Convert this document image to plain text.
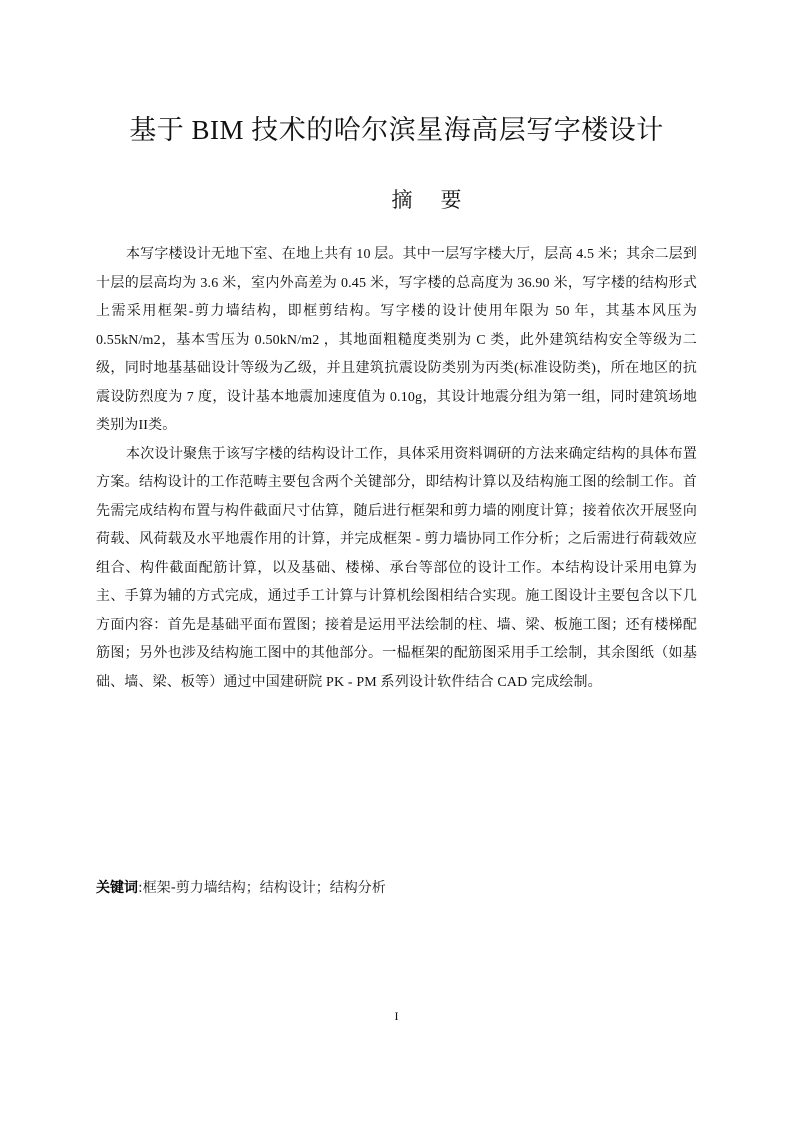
基于 BIM 技术的哈尔滨星海高层写字楼设计
摘 要

本写字楼设计无地下室、在地上共有 10 层。其中一层写字楼大厅，层高 4.5 米；其余二层到十层的层高均为 3.6 米，室内外高差为 0.45 米，写字楼的总高度为 36.90 米，写字楼的结构形式上需采用框架-剪力墙结构，即框剪结构。写字楼的设计使用年限为 50 年，其基本风压为 0.55kN/m2，基本雪压为 0.50kN/m2 ，其地面粗糙度类别为 C 类，此外建筑结构安全等级为二级，同时地基基础设计等级为乙级，并且建筑抗震设防类别为丙类(标准设防类)，所在地区的抗震设防烈度为 7 度，设计基本地震加速度值为 0.10g，其设计地震分组为第一组，同时建筑场地类别为II类。

本次设计聚焦于该写字楼的结构设计工作，具体采用资料调研的方法来确定结构的具体布置方案。结构设计的工作范畴主要包含两个关键部分，即结构计算以及结构施工图的绘制工作。首先需完成结构布置与构件截面尺寸估算，随后进行框架和剪力墙的刚度计算；接着依次开展竖向荷载、风荷载及水平地震作用的计算，并完成框架 - 剪力墙协同工作分析；之后需进行荷载效应组合、构件截面配筋计算，以及基础、楼梯、承台等部位的设计工作。本结构设计采用电算为主、手算为辅的方式完成，通过手工计算与计算机绘图相结合实现。施工图设计主要包含以下几方面内容：首先是基础平面布置图；接着是运用平法绘制的柱、墙、梁、板施工图；还有楼梯配筋图；另外也涉及结构施工图中的其他部分。一榀框架的配筋图采用手工绘制，其余图纸（如基础、墙、梁、板等）通过中国建研院 PK - PM 系列设计软件结合 CAD 完成绘制。

关键词:框架-剪力墙结构；结构设计；结构分析
I
